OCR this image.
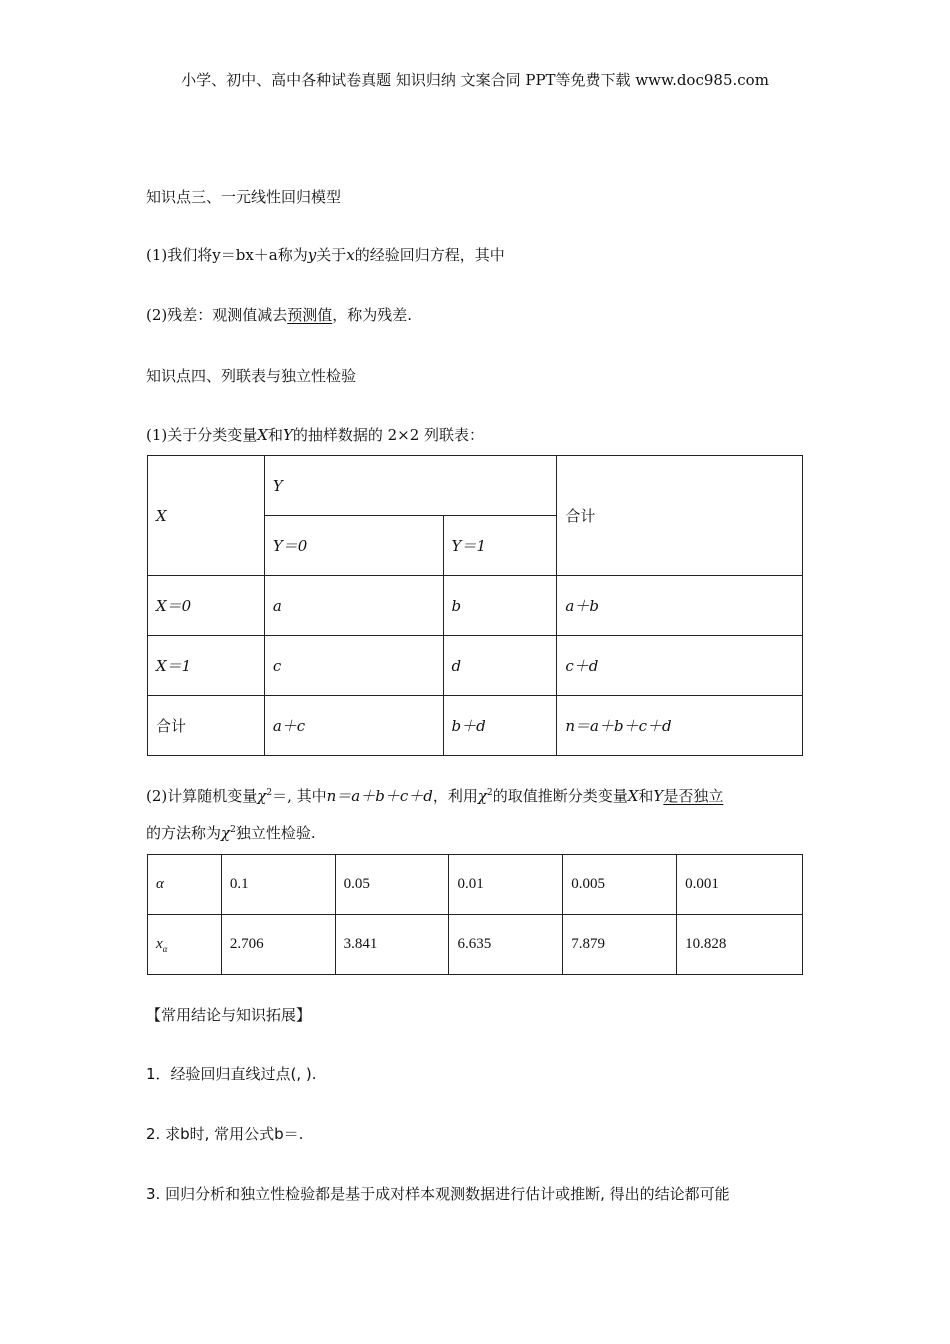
小学、初中、高中各种试卷真题 知识归纳 文案合同 PPT等免费下载 www.doc985.com
知识点三、一元线性回归模型
(1)我们将y＝bx＋a称为y关于x的经验回归方程，其中
(2)残差：观测值减去预测值，称为残差.
知识点四、列联表与独立性检验
(1)关于分类变量X和Y的抽样数据的 2×2 列联表：
X	Y		合计
	Y＝0	Y＝1	
X＝0	a	b	a＋b
X＝1	c	d	c＋d
合计	a＋c	b＋d	n＝a＋b＋c＋d
(2)计算随机变量$\chi^2=$, 其中n＝a＋b＋c＋d，利用$\chi^2$的取值推断分类变量X和Y是否独立
的方法称为$\chi^2$独立性检验.
α	0.1	0.05	0.01	0.005	0.001
$x_\alpha$	2.706	3.841	6.635	7.879	10.828
【常用结论与知识拓展】
1．经验回归直线过点(, ).
2. 求b时, 常用公式b＝.
3. 回归分析和独立性检验都是基于成对样本观测数据进行估计或推断, 得出的结论都可能
